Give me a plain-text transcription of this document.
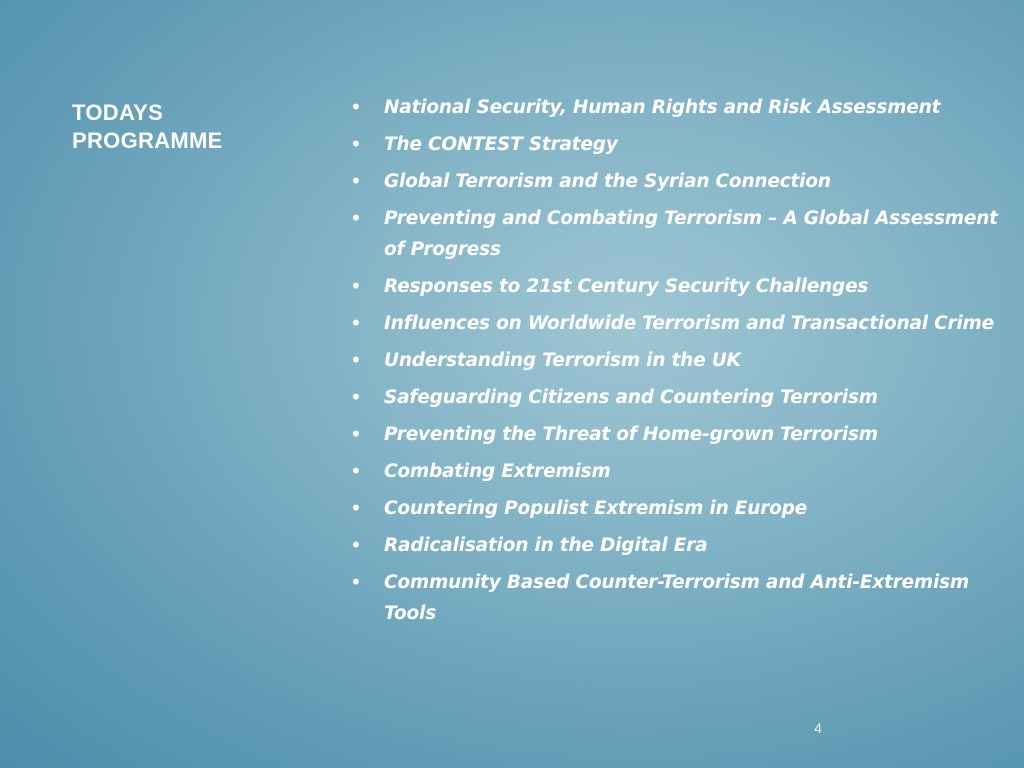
TODAYS
PROGRAMME
• National Security, Human Rights and Risk Assessment
• The CONTEST Strategy
• Global Terrorism and the Syrian Connection
• Preventing and Combating Terrorism – A Global Assessment of Progress
• Responses to 21st Century Security Challenges
• Influences on Worldwide Terrorism and Transactional Crime
• Understanding Terrorism in the UK
• Safeguarding Citizens and Countering Terrorism
• Preventing the Threat of Home-grown Terrorism
• Combating Extremism
• Countering Populist Extremism in Europe
• Radicalisation in the Digital Era
• Community Based Counter-Terrorism and Anti-Extremism Tools
4
